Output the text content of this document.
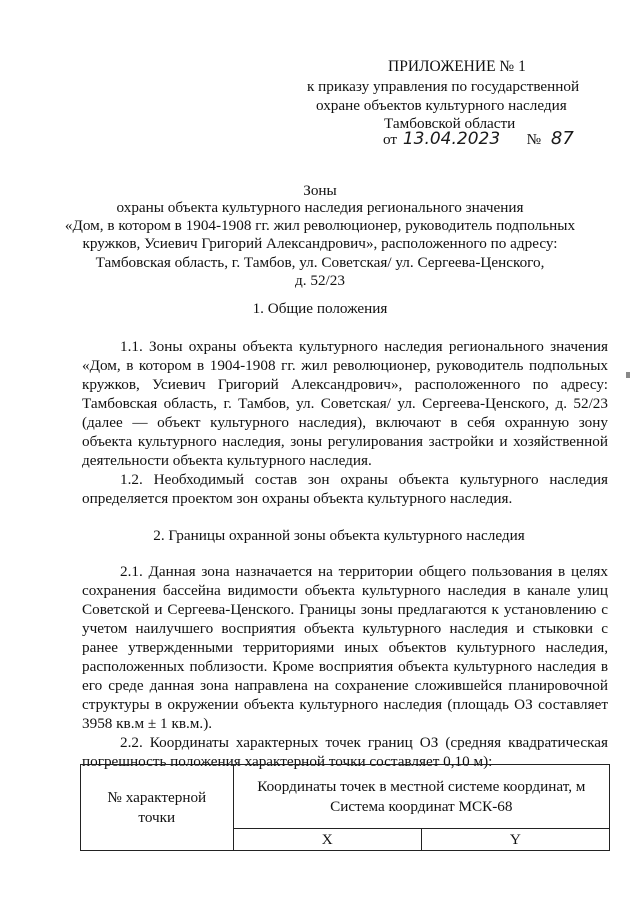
ПРИЛОЖЕНИЕ № 1
к приказу управления по государственной
охране объектов культурного наследия
Тамбовской области
от 13.04.2023 № 87
Зоны
охраны объекта культурного наследия регионального значения
«Дом, в котором в 1904-1908 гг. жил революционер, руководитель подпольных
кружков, Усиевич Григорий Александрович», расположенного по адресу:
Тамбовская область, г. Тамбов, ул. Советская/ ул. Сергеева-Ценского,
д. 52/23
1. Общие положения

1.1. Зоны охраны объекта культурного наследия регионального значения «Дом, в котором в 1904-1908 гг. жил революционер, руководитель подпольных кружков, Усиевич Григорий Александрович», расположенного по адресу: Тамбовская область, г. Тамбов, ул. Советская/ ул. Сергеева-Ценского, д. 52/23 (далее — объект культурного наследия), включают в себя охранную зону объекта культурного наследия, зоны регулирования застройки и хозяйственной деятельности объекта культурного наследия.

1.2. Необходимый состав зон охраны объекта культурного наследия определяется проектом зон охраны объекта культурного наследия.

2. Границы охранной зоны объекта культурного наследия

2.1. Данная зона назначается на территории общего пользования в целях сохранения бассейна видимости объекта культурного наследия в канале улиц Советской и Сергеева-Ценского. Границы зоны предлагаются к установлению с учетом наилучшего восприятия объекта культурного наследия и стыковки с ранее утвержденными территориями иных объектов культурного наследия, расположенных поблизости. Кроме восприятия объекта культурного наследия в его среде данная зона направлена на сохранение сложившейся планировочной структуры в окружении объекта культурного наследия (площадь ОЗ составляет 3958 кв.м ± 1 кв.м.).

2.2. Координаты характерных точек границ ОЗ (средняя квадратическая погрешность положения характерной точки составляет 0,10 м):

№ характерной точки	Координаты точек в местной системе координат, м
Система координат МСК-68	

	X	Y
